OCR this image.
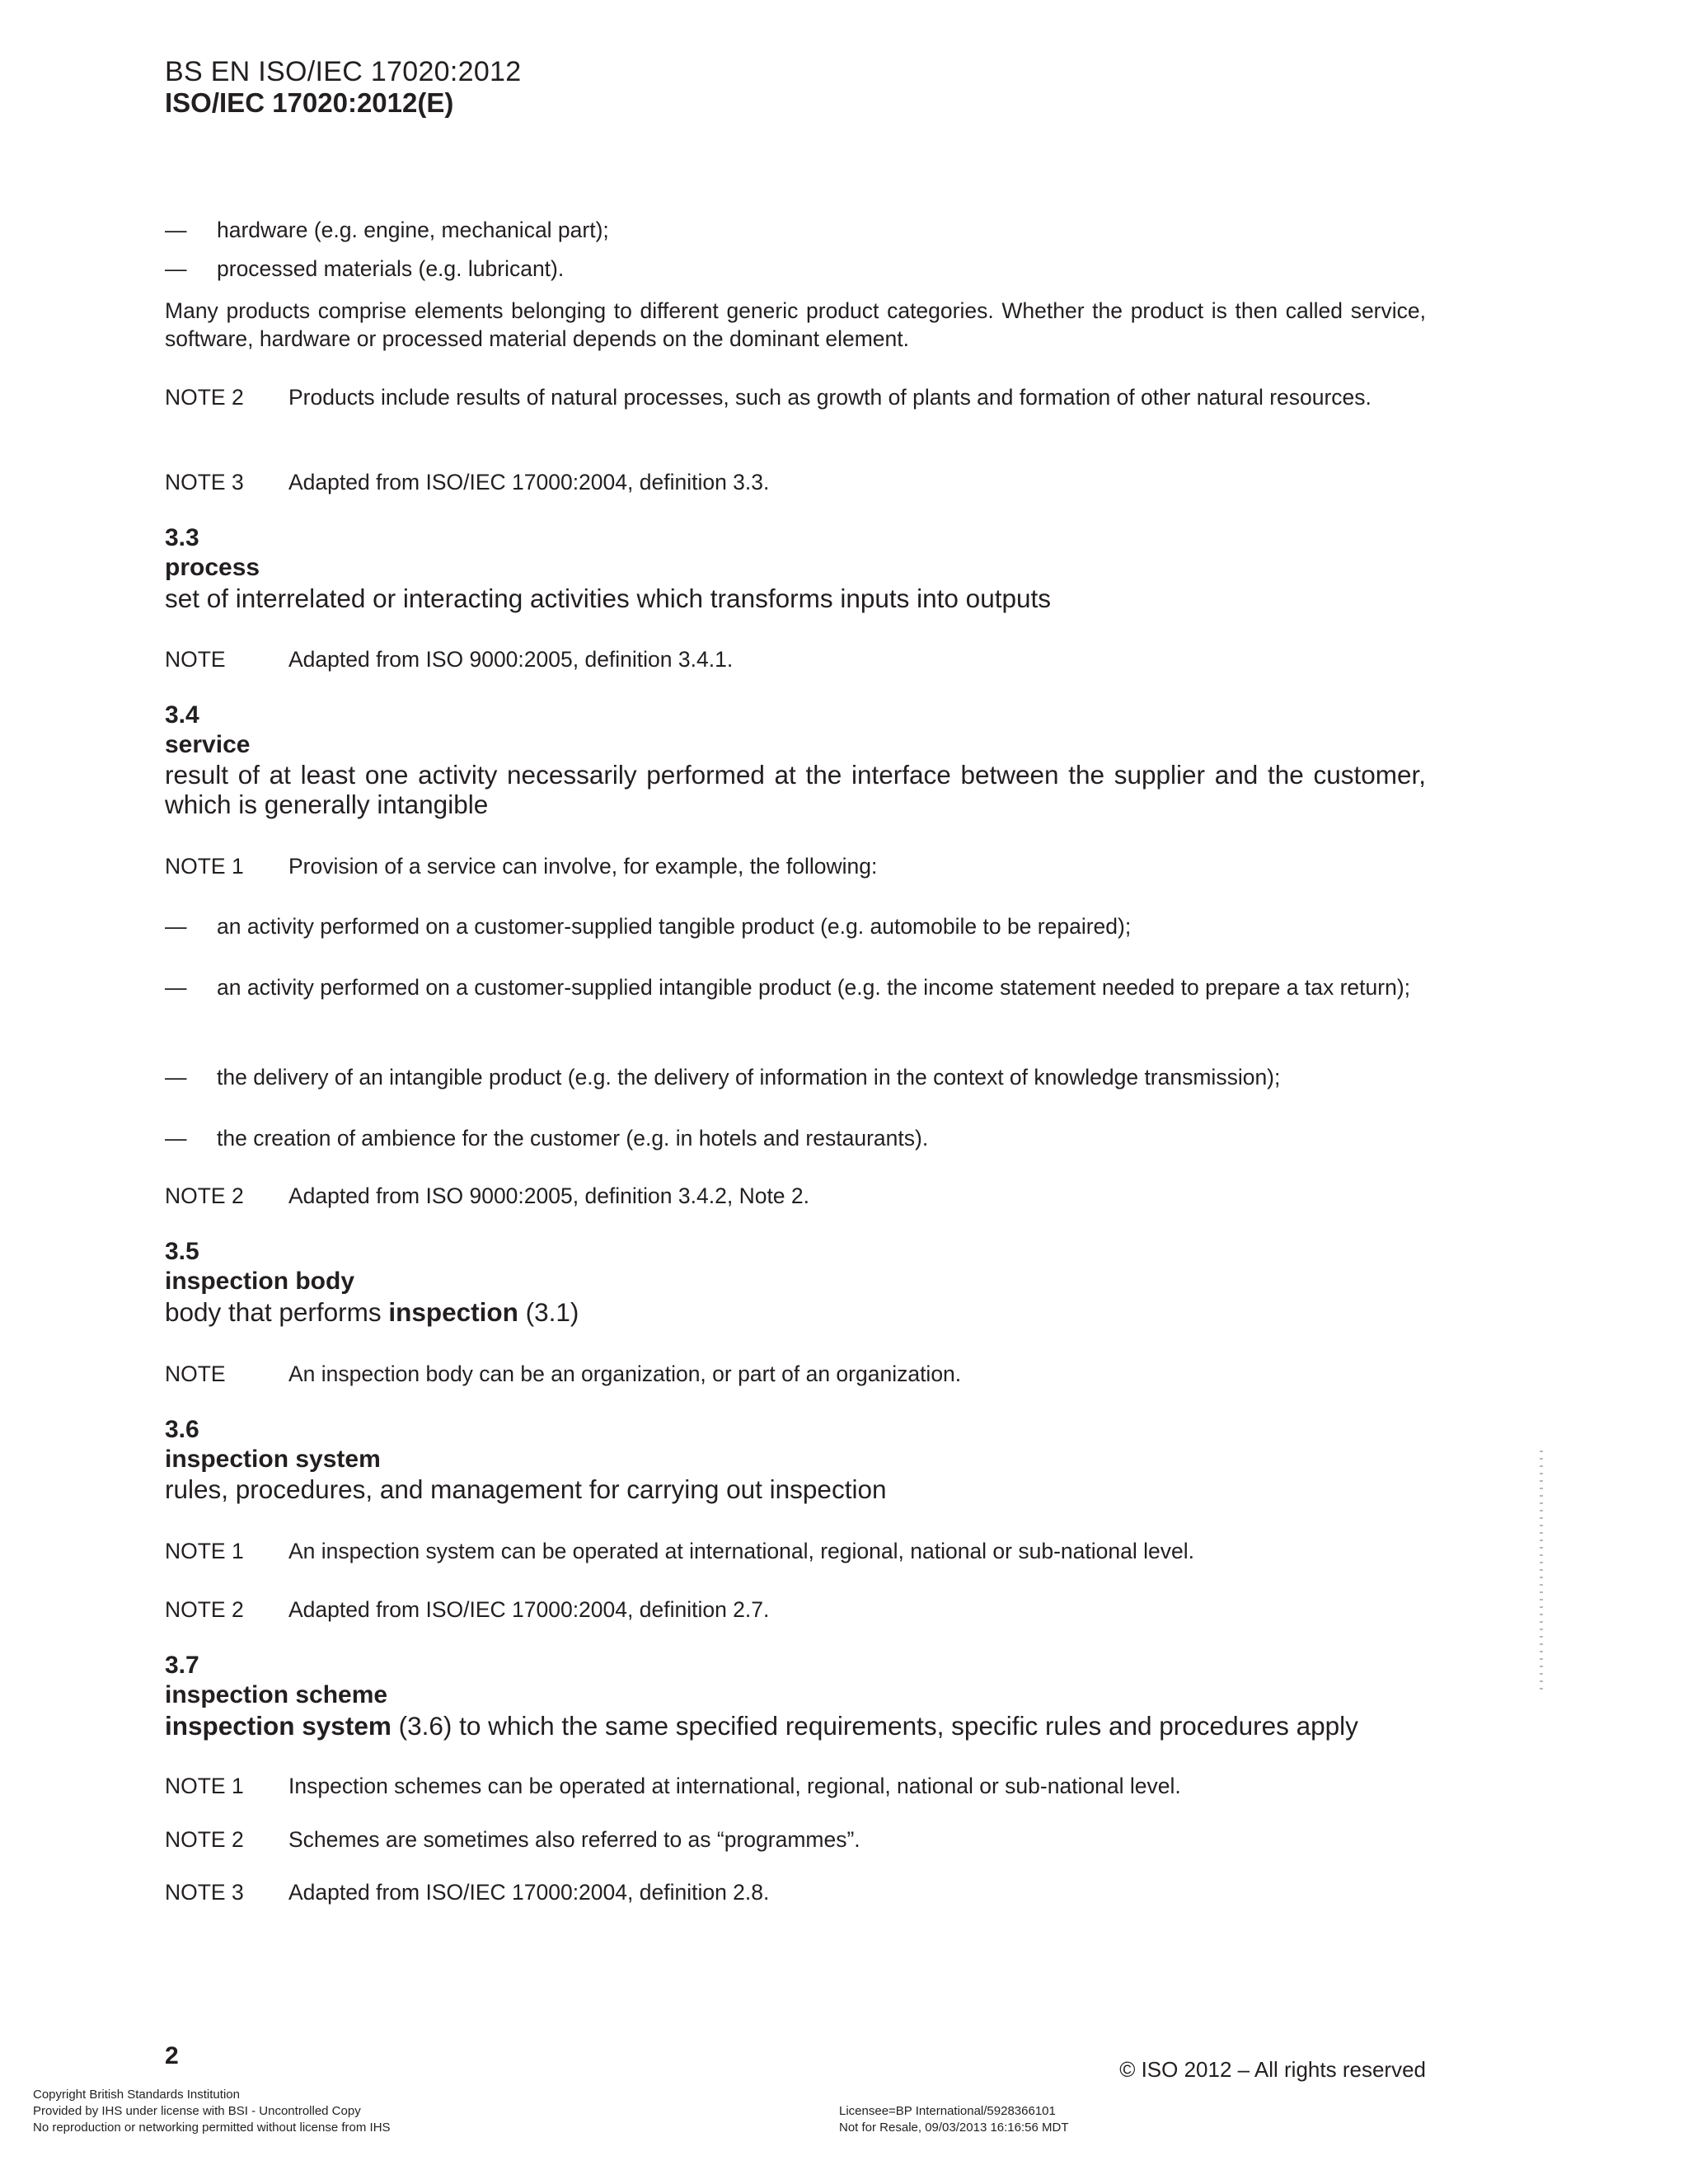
BS EN ISO/IEC 17020:2012
ISO/IEC 17020:2012(E)
— hardware (e.g. engine, mechanical part);
— processed materials (e.g. lubricant).
Many products comprise elements belonging to different generic product categories. Whether the product is then called service, software, hardware or processed material depends on the dominant element.
NOTE 2	Products include results of natural processes, such as growth of plants and formation of other natural resources.
NOTE 3	Adapted from ISO/IEC 17000:2004, definition 3.3.
3.3
process
set of interrelated or interacting activities which transforms inputs into outputs
NOTE	Adapted from ISO 9000:2005, definition 3.4.1.
3.4
service
result of at least one activity necessarily performed at the interface between the supplier and the customer, which is generally intangible
NOTE 1	Provision of a service can involve, for example, the following:
— an activity performed on a customer-supplied tangible product (e.g. automobile to be repaired);
— an activity performed on a customer-supplied intangible product (e.g. the income statement needed to prepare a tax return);
— the delivery of an intangible product (e.g. the delivery of information in the context of knowledge transmission);
— the creation of ambience for the customer (e.g. in hotels and restaurants).
NOTE 2	Adapted from ISO 9000:2005, definition 3.4.2, Note 2.
3.5
inspection body
body that performs inspection (3.1)
NOTE	An inspection body can be an organization, or part of an organization.
3.6
inspection system
rules, procedures, and management for carrying out inspection
NOTE 1	An inspection system can be operated at international, regional, national or sub-national level.
NOTE 2	Adapted from ISO/IEC 17000:2004, definition 2.7.
3.7
inspection scheme
inspection system (3.6) to which the same specified requirements, specific rules and procedures apply
NOTE 1	Inspection schemes can be operated at international, regional, national or sub-national level.
NOTE 2	Schemes are sometimes also referred to as “programmes”.
NOTE 3	Adapted from ISO/IEC 17000:2004, definition 2.8.
2	© ISO 2012 – All rights reserved
Copyright British Standards Institution
Provided by IHS under license with BSI - Uncontrolled Copy
No reproduction or networking permitted without license from IHS
Licensee=BP International/5928366101
Not for Resale, 09/03/2013 16:16:56 MDT
